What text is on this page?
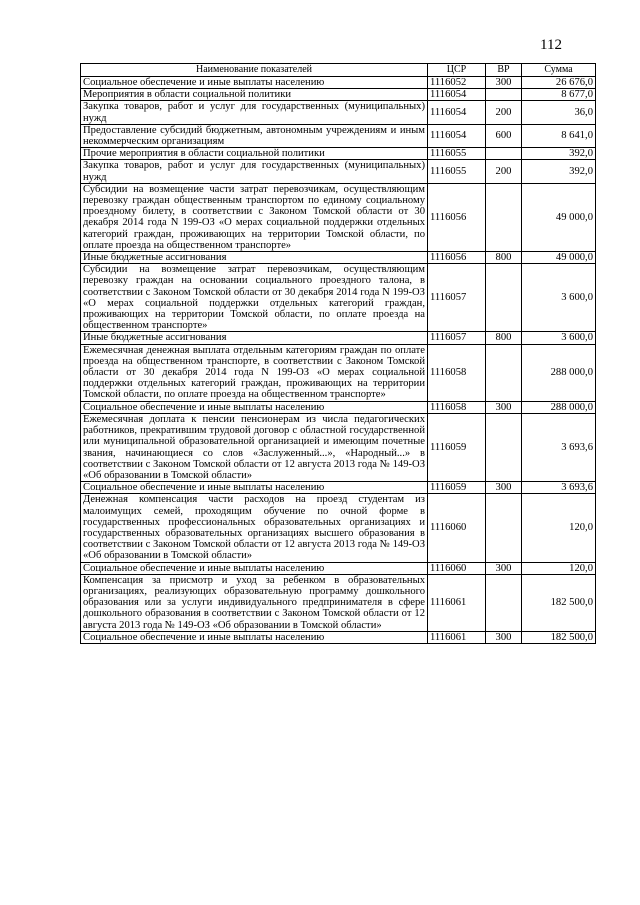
112
Наименование показателей	ЦСР	ВР	Сумма
Социальное обеспечение и иные выплаты населению	1116052	300	26 676,0
Мероприятия в области социальной политики	1116054		8 677,0
Закупка товаров, работ и услуг для государственных (муниципальных) нужд	1116054	200	36,0
Предоставление субсидий бюджетным, автономным учреждениям и иным некоммерческим организациям	1116054	600	8 641,0
Прочие мероприятия в области социальной политики	1116055		392,0
Закупка товаров, работ и услуг для государственных (муниципальных) нужд	1116055	200	392,0
Субсидии на возмещение части затрат перевозчикам, осуществляющим перевозку граждан общественным транспортом по единому социальному проездному билету, в соответствии с Законом Томской области от 30 декабря 2014 года N 199-ОЗ «О мерах социальной поддержки отдельных категорий граждан, проживающих на территории Томской области, по оплате проезда на общественном транспорте»	1116056		49 000,0
Иные бюджетные ассигнования	1116056	800	49 000,0
Субсидии на возмещение затрат перевозчикам, осуществляющим перевозку граждан на основании социального проездного талона, в соответствии с Законом Томской области от 30 декабря 2014 года N 199-ОЗ «О мерах социальной поддержки отдельных категорий граждан, проживающих на территории Томской области, по оплате проезда на общественном транспорте»	1116057		3 600,0
Иные бюджетные ассигнования	1116057	800	3 600,0
Ежемесячная денежная выплата отдельным категориям граждан по оплате проезда на общественном транспорте, в соответствии с Законом Томской области от 30 декабря 2014 года N 199-ОЗ «О мерах социальной поддержки отдельных категорий граждан, проживающих на территории Томской области, по оплате проезда на общественном транспорте»	1116058		288 000,0
Социальное обеспечение и иные выплаты населению	1116058	300	288 000,0
Ежемесячная доплата к пенсии пенсионерам из числа педагогических работников, прекратившим трудовой договор с областной государственной или муниципальной образовательной организацией и имеющим почетные звания, начинающиеся со слов «Заслуженный...», «Народный...» в соответствии с Законом Томской области от 12 августа 2013 года № 149-ОЗ «Об образовании в Томской области»	1116059		3 693,6
Социальное обеспечение и иные выплаты населению	1116059	300	3 693,6
Денежная компенсация части расходов на проезд студентам из малоимущих семей, проходящим обучение по очной форме в государственных профессиональных образовательных организациях и государственных образовательных организациях высшего образования в соответствии с Законом Томской области от 12 августа 2013 года № 149-ОЗ «Об образовании в Томской области»	1116060		120,0
Социальное обеспечение и иные выплаты населению	1116060	300	120,0
Компенсация за присмотр и уход за ребенком в образовательных организациях, реализующих образовательную программу дошкольного образования или за услуги индивидуального предпринимателя в сфере дошкольного образования в соответствии с Законом Томской области от 12 августа 2013 года № 149-ОЗ «Об образовании в Томской области»	1116061		182 500,0
Социальное обеспечение и иные выплаты населению	1116061	300	182 500,0
